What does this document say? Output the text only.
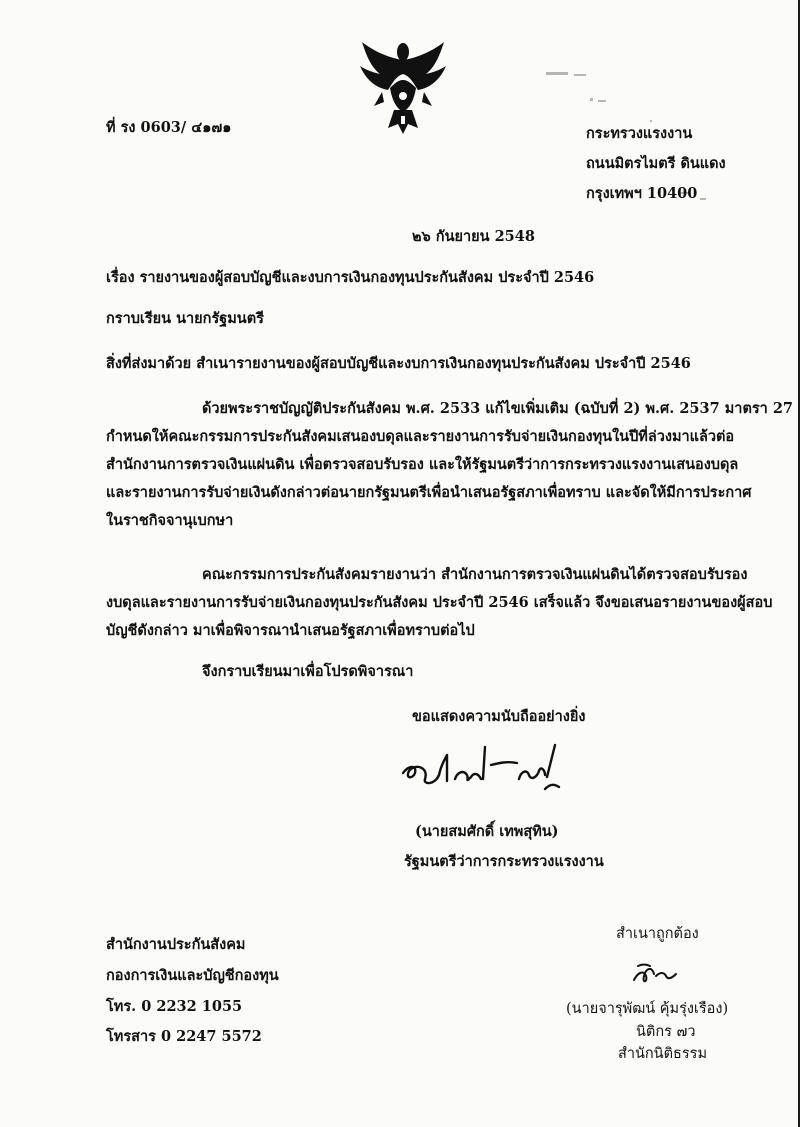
ที่ รง 0603/ ๔๑๗๑	กระทรวงแรงงาน
ถนนมิตรไมตรี ดินแดง
กรุงเทพฯ 10400
๒๖ กันยายน 2548
เรื่อง รายงานของผู้สอบบัญชีและงบการเงินกองทุนประกันสังคม ประจำปี 2546
กราบเรียน นายกรัฐมนตรี
สิ่งที่ส่งมาด้วย สำเนารายงานของผู้สอบบัญชีและงบการเงินกองทุนประกันสังคม ประจำปี 2546
ด้วยพระราชบัญญัติประกันสังคม พ.ศ. 2533 แก้ไขเพิ่มเติม (ฉบับที่ 2) พ.ศ. 2537 มาตรา 27
กำหนดให้คณะกรรมการประกันสังคมเสนองบดุลและรายงานการรับจ่ายเงินกองทุนในปีที่ล่วงมาแล้วต่อ
สำนักงานการตรวจเงินแผ่นดิน เพื่อตรวจสอบรับรอง และให้รัฐมนตรีว่าการกระทรวงแรงงานเสนองบดุล
และรายงานการรับจ่ายเงินดังกล่าวต่อนายกรัฐมนตรีเพื่อนำเสนอรัฐสภาเพื่อทราบ และจัดให้มีการประกาศ
ในราชกิจจานุเบกษา
คณะกรรมการประกันสังคมรายงานว่า สำนักงานการตรวจเงินแผ่นดินได้ตรวจสอบรับรอง
งบดุลและรายงานการรับจ่ายเงินกองทุนประกันสังคม ประจำปี 2546 เสร็จแล้ว จึงขอเสนอรายงานของผู้สอบ
บัญชีดังกล่าว มาเพื่อพิจารณานำเสนอรัฐสภาเพื่อทราบต่อไป
จึงกราบเรียนมาเพื่อโปรดพิจารณา
ขอแสดงความนับถืออย่างยิ่ง
(นายสมศักดิ์ เทพสุทิน)
รัฐมนตรีว่าการกระทรวงแรงงาน
สำนักงานประกันสังคม
กองการเงินและบัญชีกองทุน
โทร. 0 2232 1055
โทรสาร 0 2247 5572
สำเนาถูกต้อง
(นายจารุพัฒน์ คุ้มรุ่งเรือง)
นิติกร ๗ว
สำนักนิติธรรม
